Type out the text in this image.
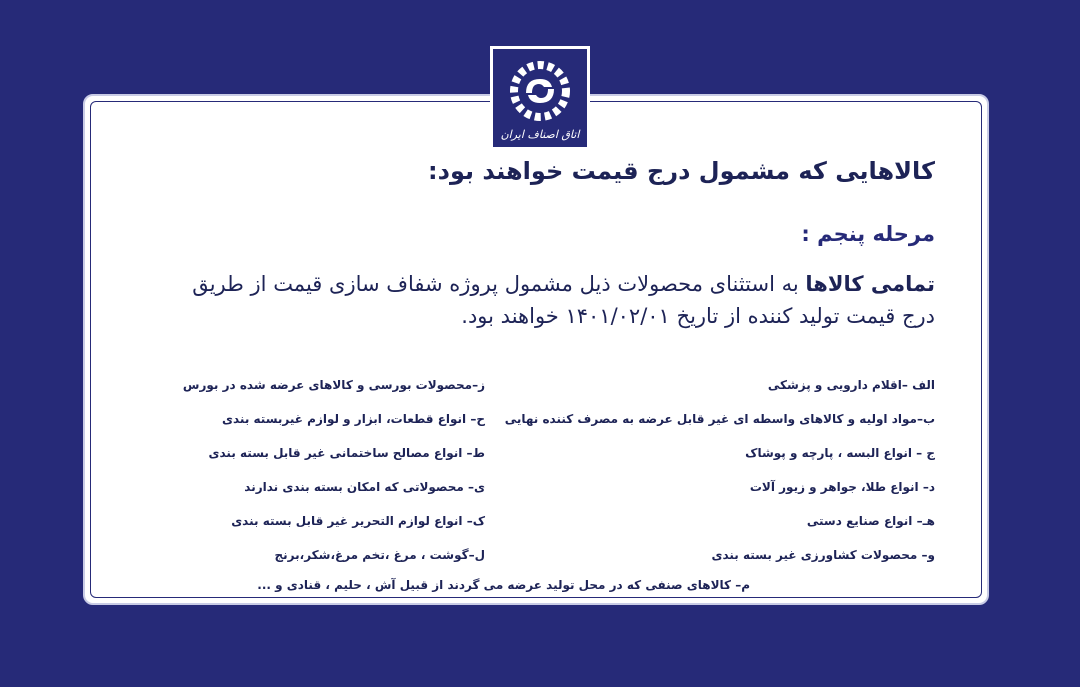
اتاق اصناف ایران
کالاهایی که مشمول درج قیمت خواهند بود:
مرحله پنجم :
تمامی کالاها به استثنای محصولات ذیل مشمول پروژه شفاف سازی قیمت از طریق درج قیمت تولید کننده از تاریخ ۱۴۰۱/۰۲/۰۱ خواهند بود.
الف –اقلام دارویی و پزشکی
ب–مواد اولیه و کالاهای واسطه ای غیر قابل عرضه به مصرف کننده نهایی
ج – انواع البسه ، پارچه و پوشاک
د– انواع طلا، جواهر و زیور آلات
هـ– انواع صنایع دستی
و– محصولات کشاورزی غیر بسته بندی
ز–محصولات بورسی و کالاهای عرضه شده در بورس
ح– انواع قطعات، ابزار و لوازم غیربسته بندی
ط– انواع مصالح ساختمانی غیر قابل بسته بندی
ی– محصولاتی که امکان بسته بندی ندارند
ک– انواع لوازم التحریر غیر قابل بسته بندی
ل–گوشت ، مرغ ،تخم مرغ،شکر،برنج
م– کالاهای صنفی که در محل تولید عرضه می گردند از قبیل آش ، حلیم ، قنادی و ...
